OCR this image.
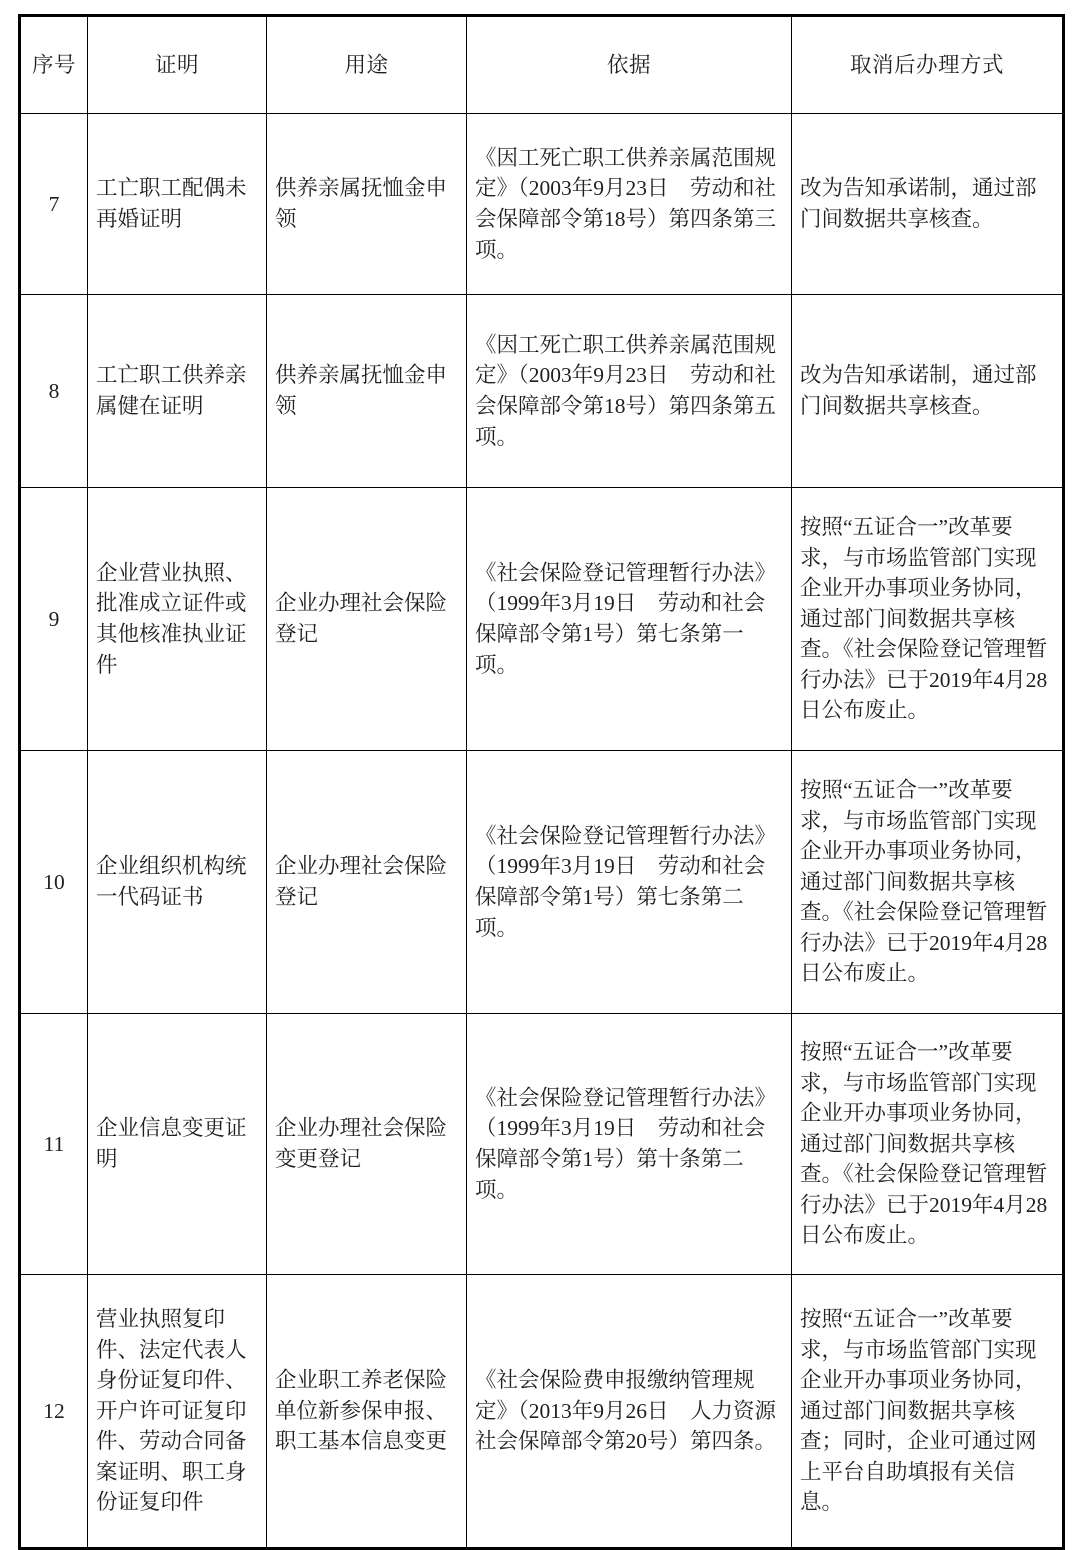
序号	证明	用途	依据	取消后办理方式
7	工亡职工配偶未再婚证明	供养亲属抚恤金申领	《因工死亡职工供养亲属范围规定》（2003年9月23日　劳动和社会保障部令第18号）第四条第三项。	改为告知承诺制，通过部门间数据共享核查。
8	工亡职工供养亲属健在证明	供养亲属抚恤金申领	《因工死亡职工供养亲属范围规定》（2003年9月23日　劳动和社会保障部令第18号）第四条第五项。	改为告知承诺制，通过部门间数据共享核查。
9	企业营业执照、批准成立证件或其他核准执业证件	企业办理社会保险登记	《社会保险登记管理暂行办法》（1999年3月19日　劳动和社会保障部令第1号）第七条第一项。	按照“五证合一”改革要求，与市场监管部门实现企业开办事项业务协同，通过部门间数据共享核查。《社会保险登记管理暂行办法》已于2019年4月28日公布废止。
10	企业组织机构统一代码证书	企业办理社会保险登记	《社会保险登记管理暂行办法》（1999年3月19日　劳动和社会保障部令第1号）第七条第二项。	按照“五证合一”改革要求，与市场监管部门实现企业开办事项业务协同，通过部门间数据共享核查。《社会保险登记管理暂行办法》已于2019年4月28日公布废止。
11	企业信息变更证明	企业办理社会保险变更登记	《社会保险登记管理暂行办法》（1999年3月19日　劳动和社会保障部令第1号）第十条第二项。	按照“五证合一”改革要求，与市场监管部门实现企业开办事项业务协同，通过部门间数据共享核查。《社会保险登记管理暂行办法》已于2019年4月28日公布废止。
12	营业执照复印件、法定代表人身份证复印件、开户许可证复印件、劳动合同备案证明、职工身份证复印件	企业职工养老保险单位新参保申报、职工基本信息变更	《社会保险费申报缴纳管理规定》（2013年9月26日　人力资源社会保障部令第20号）第四条。	按照“五证合一”改革要求，与市场监管部门实现企业开办事项业务协同，通过部门间数据共享核查；同时，企业可通过网上平台自助填报有关信息。
